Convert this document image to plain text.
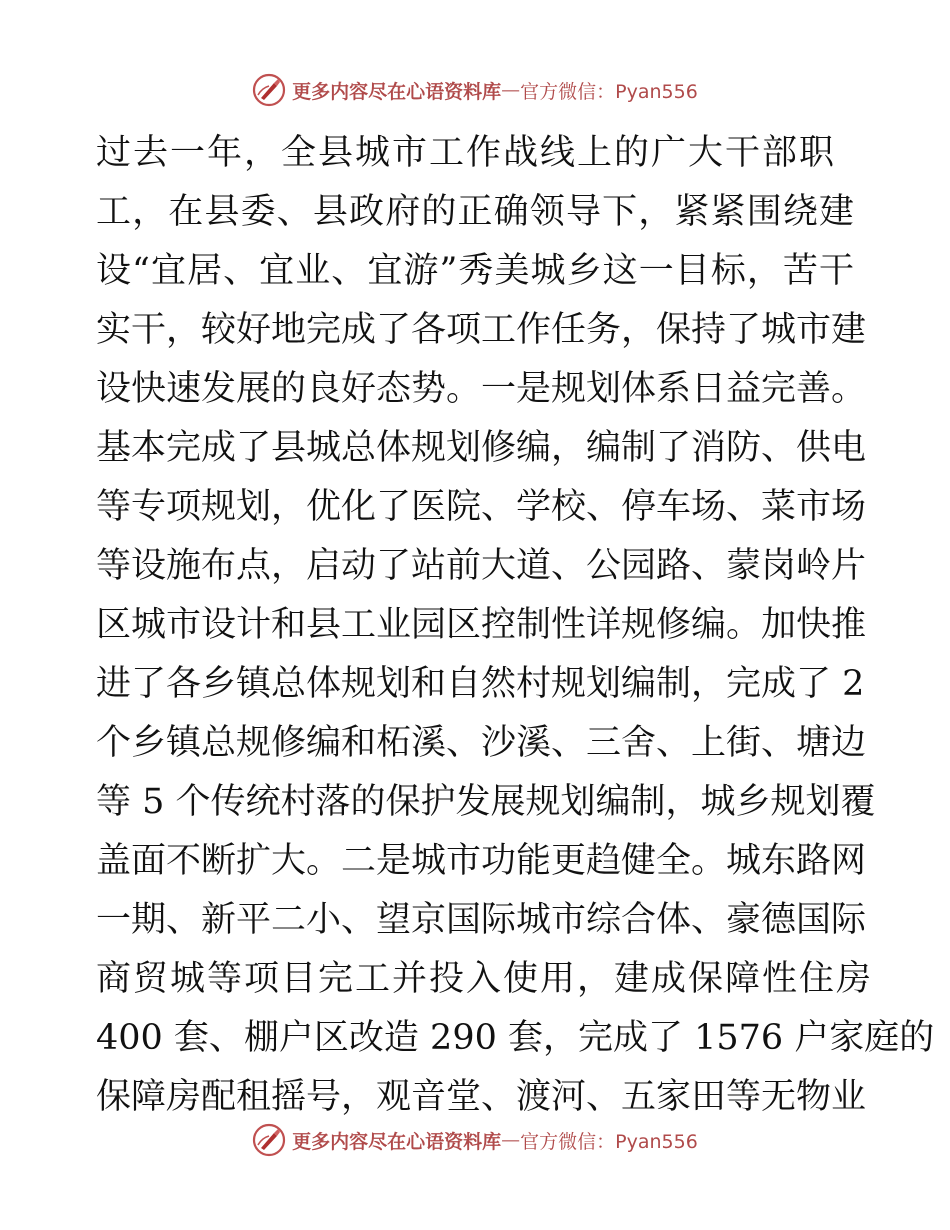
更多内容尽在心语资料库 — 官方微信：Pyan556
过去一年，全县城市工作战线上的广大干部职
工，在县委、县政府的正确领导下，紧紧围绕建
设“宜居、宜业、宜游”秀美城乡这一目标，苦干
实干，较好地完成了各项工作任务，保持了城市建
设快速发展的良好态势。一是规划体系日益完善。
基本完成了县城总体规划修编，编制了消防、供电
等专项规划，优化了医院、学校、停车场、菜市场
等设施布点，启动了站前大道、公园路、蒙岗岭片
区城市设计和县工业园区控制性详规修编。加快推
进了各乡镇总体规划和自然村规划编制，完成了 2
个乡镇总规修编和柘溪、沙溪、三舍、上街、塘边
等 5 个传统村落的保护发展规划编制，城乡规划覆
盖面不断扩大。二是城市功能更趋健全。城东路网
一期、新平二小、望京国际城市综合体、豪德国际
商贸城等项目完工并投入使用，建成保障性住房
400 套、棚户区改造 290 套，完成了 1576 户家庭的
保障房配租摇号，观音堂、渡河、五家田等无物业
更多内容尽在心语资料库 — 官方微信：Pyan556
